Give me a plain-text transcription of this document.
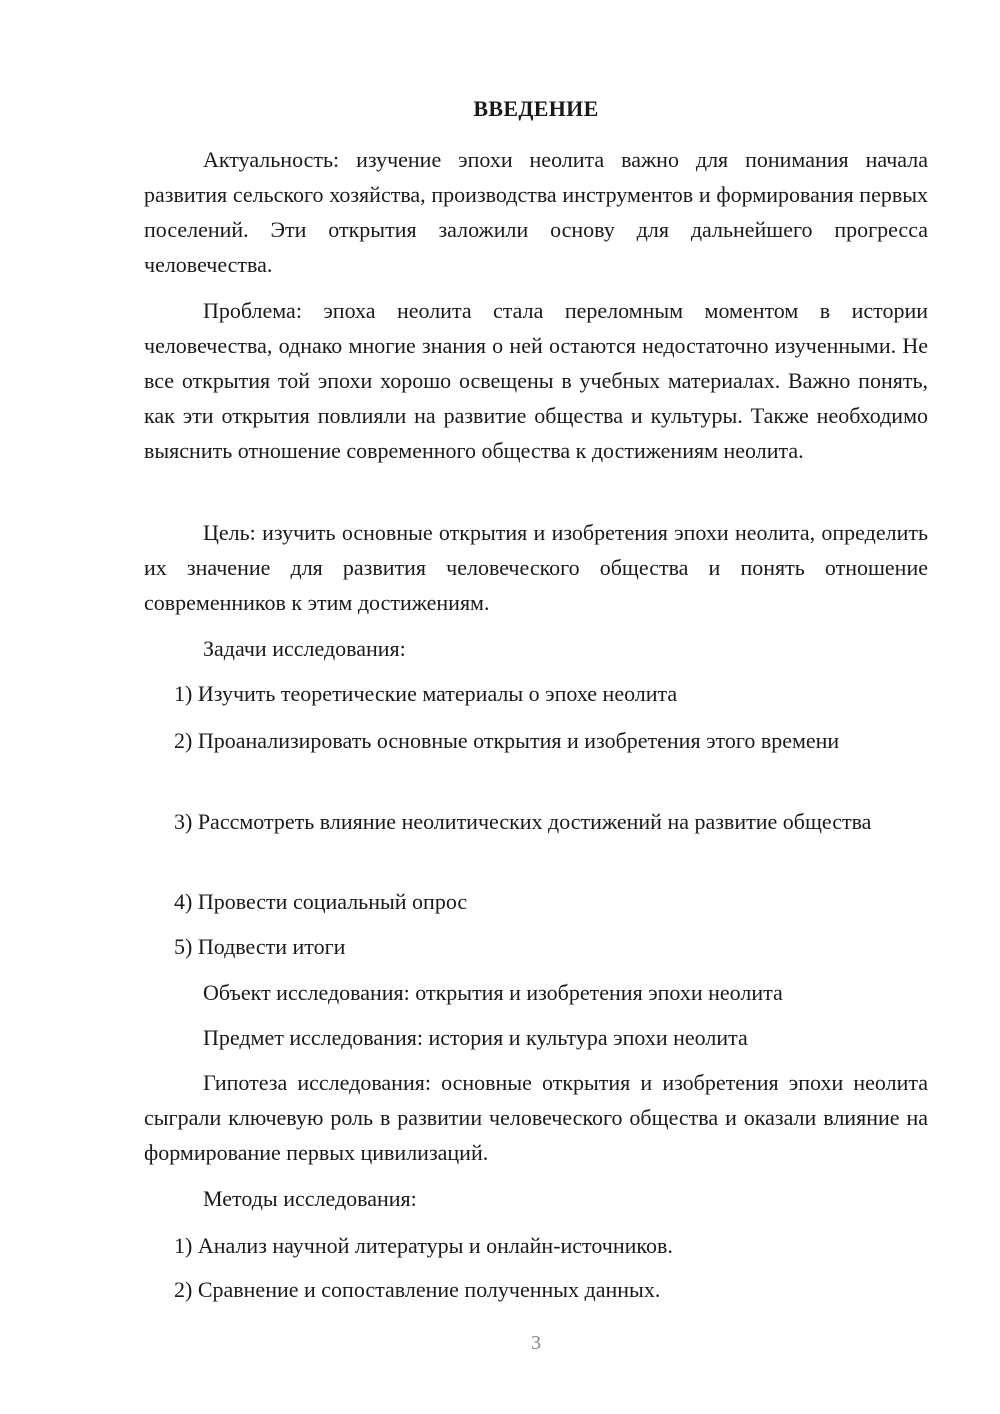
ВВЕДЕНИЕ
Актуальность: изучение эпохи неолита важно для понимания начала развития сельского хозяйства, производства инструментов и формирования первых поселений. Эти открытия заложили основу для дальнейшего прогресса человечества.
Проблема: эпоха неолита стала переломным моментом в истории человечества, однако многие знания о ней остаются недостаточно изученными. Не все открытия той эпохи хорошо освещены в учебных материалах. Важно понять, как эти открытия повлияли на развитие общества и культуры. Также необходимо выяснить отношение современного общества к достижениям неолита.
Цель: изучить основные открытия и изобретения эпохи неолита, определить их значение для развития человеческого общества и понять отношение современников к этим достижениям.
Задачи исследования:
1) Изучить теоретические материалы о эпохе неолита
2) Проанализировать основные открытия и изобретения этого времени
3) Рассмотреть влияние неолитических достижений на развитие общества
4) Провести социальный опрос
5) Подвести итоги
Объект исследования: открытия и изобретения эпохи неолита
Предмет исследования: история и культура эпохи неолита
Гипотеза исследования: основные открытия и изобретения эпохи неолита сыграли ключевую роль в развитии человеческого общества и оказали влияние на формирование первых цивилизаций.
Методы исследования:
1) Анализ научной литературы и онлайн-источников.
2) Сравнение и сопоставление полученных данных.
3
